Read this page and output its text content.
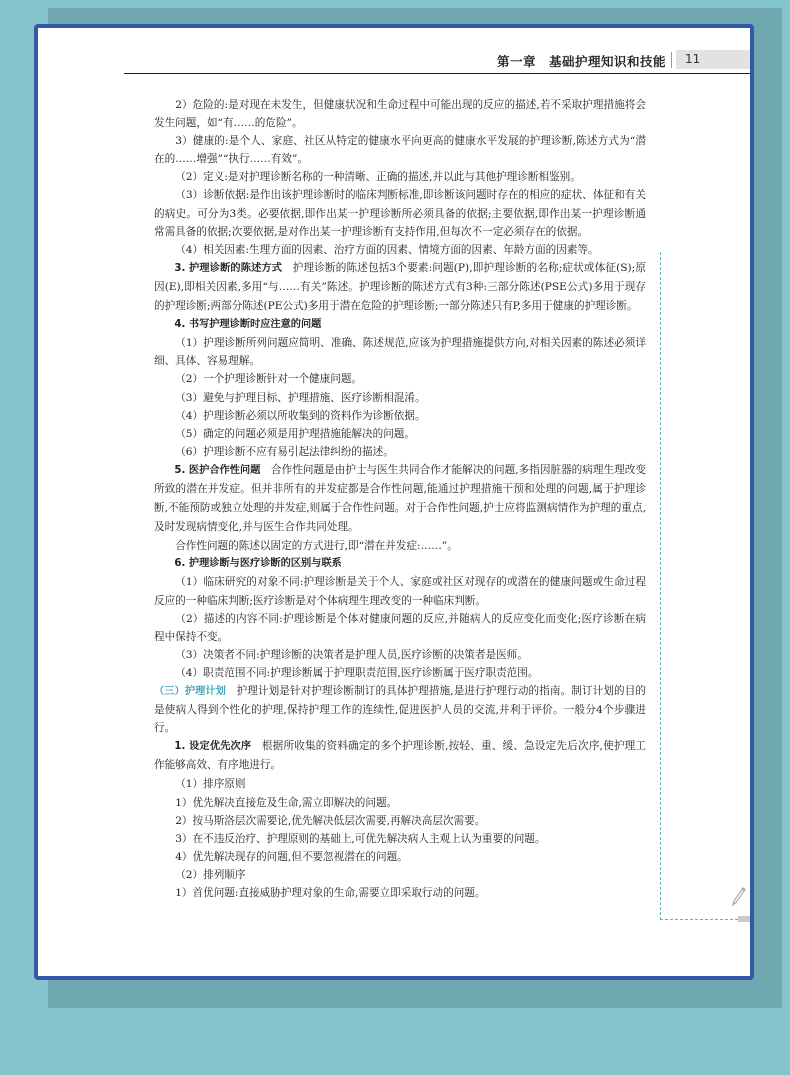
第一章　基础护理知识和技能	11

2）危险的:是对现在未发生，但健康状况和生命过程中可能出现的反应的描述,若不采取护理措施将会发生问题，如“有……的危险”。

3）健康的:是个人、家庭、社区从特定的健康水平向更高的健康水平发展的护理诊断,陈述方式为“潜在的……增强”“执行……有效”。

（2）定义:是对护理诊断名称的一种清晰、正确的描述,并以此与其他护理诊断相鉴别。

（3）诊断依据:是作出该护理诊断时的临床判断标准,即诊断该问题时存在的相应的症状、体征和有关的病史。可分为3类。必要依据,即作出某一护理诊断所必须具备的依据;主要依据,即作出某一护理诊断通常需具备的依据;次要依据,是对作出某一护理诊断有支持作用,但每次不一定必须存在的依据。

（4）相关因素:生理方面的因素、治疗方面的因素、情境方面的因素、年龄方面的因素等。

3. 护理诊断的陈述方式 护理诊断的陈述包括3个要素:问题(P),即护理诊断的名称;症状或体征(S);原因(E),即相关因素,多用“与……有关”陈述。护理诊断的陈述方式有3种:三部分陈述(PSE公式)多用于现存的护理诊断;两部分陈述(PE公式)多用于潜在危险的护理诊断;一部分陈述只有P,多用于健康的护理诊断。

4. 书写护理诊断时应注意的问题

（1）护理诊断所列问题应简明、准确、陈述规范,应该为护理措施提供方向,对相关因素的陈述必须详细、具体、容易理解。

（2）一个护理诊断针对一个健康问题。

（3）避免与护理目标、护理措施、医疗诊断相混淆。

（4）护理诊断必须以所收集到的资料作为诊断依据。

（5）确定的问题必须是用护理措施能解决的问题。

（6）护理诊断不应有易引起法律纠纷的描述。

5. 医护合作性问题 合作性问题是由护士与医生共同合作才能解决的问题,多指因脏器的病理生理改变所致的潜在并发症。但并非所有的并发症都是合作性问题,能通过护理措施干预和处理的问题,属于护理诊断,不能预防或独立处理的并发症,则属于合作性问题。对于合作性问题,护士应将监测病情作为护理的重点,及时发现病情变化,并与医生合作共同处理。

合作性问题的陈述以固定的方式进行,即“潜在并发症:……”。

6. 护理诊断与医疗诊断的区别与联系

（1）临床研究的对象不同:护理诊断是关于个人、家庭或社区对现存的或潜在的健康问题或生命过程反应的一种临床判断;医疗诊断是对个体病理生理改变的一种临床判断。

（2）描述的内容不同:护理诊断是个体对健康问题的反应,并随病人的反应变化而变化;医疗诊断在病程中保持不变。

（3）决策者不同:护理诊断的决策者是护理人员,医疗诊断的决策者是医师。

（4）职责范围不同:护理诊断属于护理职责范围,医疗诊断属于医疗职责范围。

（三）护理计划 护理计划是针对护理诊断制订的具体护理措施,是进行护理行动的指南。制订计划的目的是使病人得到个性化的护理,保持护理工作的连续性,促进医护人员的交流,并利于评价。一般分4个步骤进行。

1. 设定优先次序 根据所收集的资料确定的多个护理诊断,按轻、重、缓、急设定先后次序,使护理工作能够高效、有序地进行。

（1）排序原则

1）优先解决直接危及生命,需立即解决的问题。

2）按马斯洛层次需要论,优先解决低层次需要,再解决高层次需要。

3）在不违反治疗、护理原则的基础上,可优先解决病人主观上认为重要的问题。

4）优先解决现存的问题,但不要忽视潜在的问题。

（2）排列顺序

1）首优问题:直接威胁护理对象的生命,需要立即采取行动的问题。
